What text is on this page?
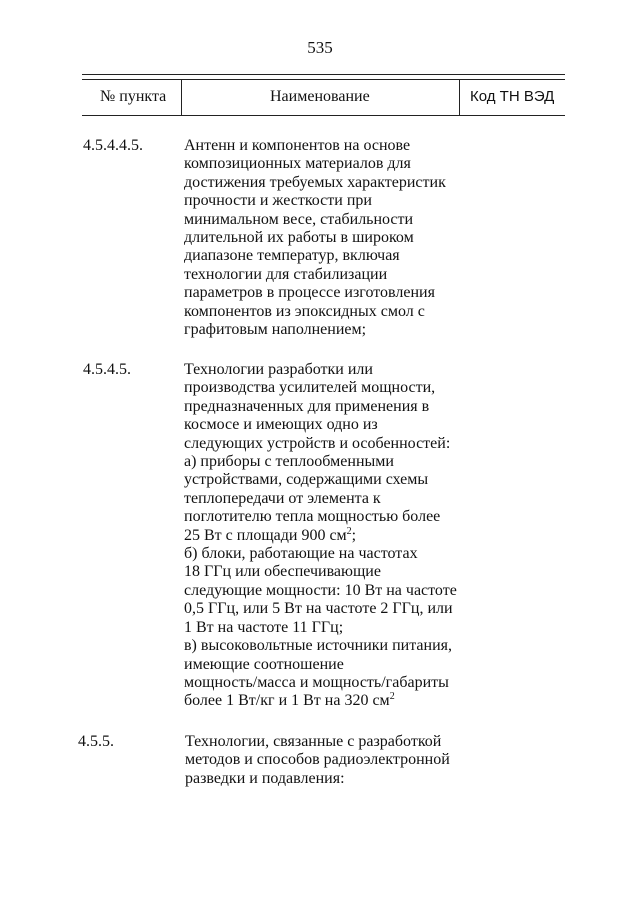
535
№ пункта	Наименование	Код ТН ВЭД
4.5.4.4.5.	Антенн и компонентов на основе
композиционных материалов для
достижения требуемых характеристик
прочности и жесткости при
минимальном весе, стабильности
длительной их работы в широком
диапазоне температур, включая
технологии для стабилизации
параметров в процессе изготовления
компонентов из эпоксидных смол с
графитовым наполнением;
4.5.4.5.	Технологии разработки или
производства усилителей мощности,
предназначенных для применения в
космосе и имеющих одно из
следующих устройств и особенностей:
а) приборы с теплообменными
устройствами, содержащими схемы
теплопередачи от элемента к
поглотителю тепла мощностью более
25 Вт с площади 900 $см^2$;
б) блоки, работающие на частотах
18 ГГц или обеспечивающие
следующие мощности: 10 Вт на частоте
0,5 ГГц, или 5 Вт на частоте 2 ГГц, или
1 Вт на частоте 11 ГГц;
в) высоковольтные источники питания,
имеющие соотношение
мощность/масса и мощность/габариты
более 1 Вт/кг и 1 Вт на 320 $см^2$
4.5.5.	Технологии, связанные с разработкой
методов и способов радиоэлектронной
разведки и подавления:
